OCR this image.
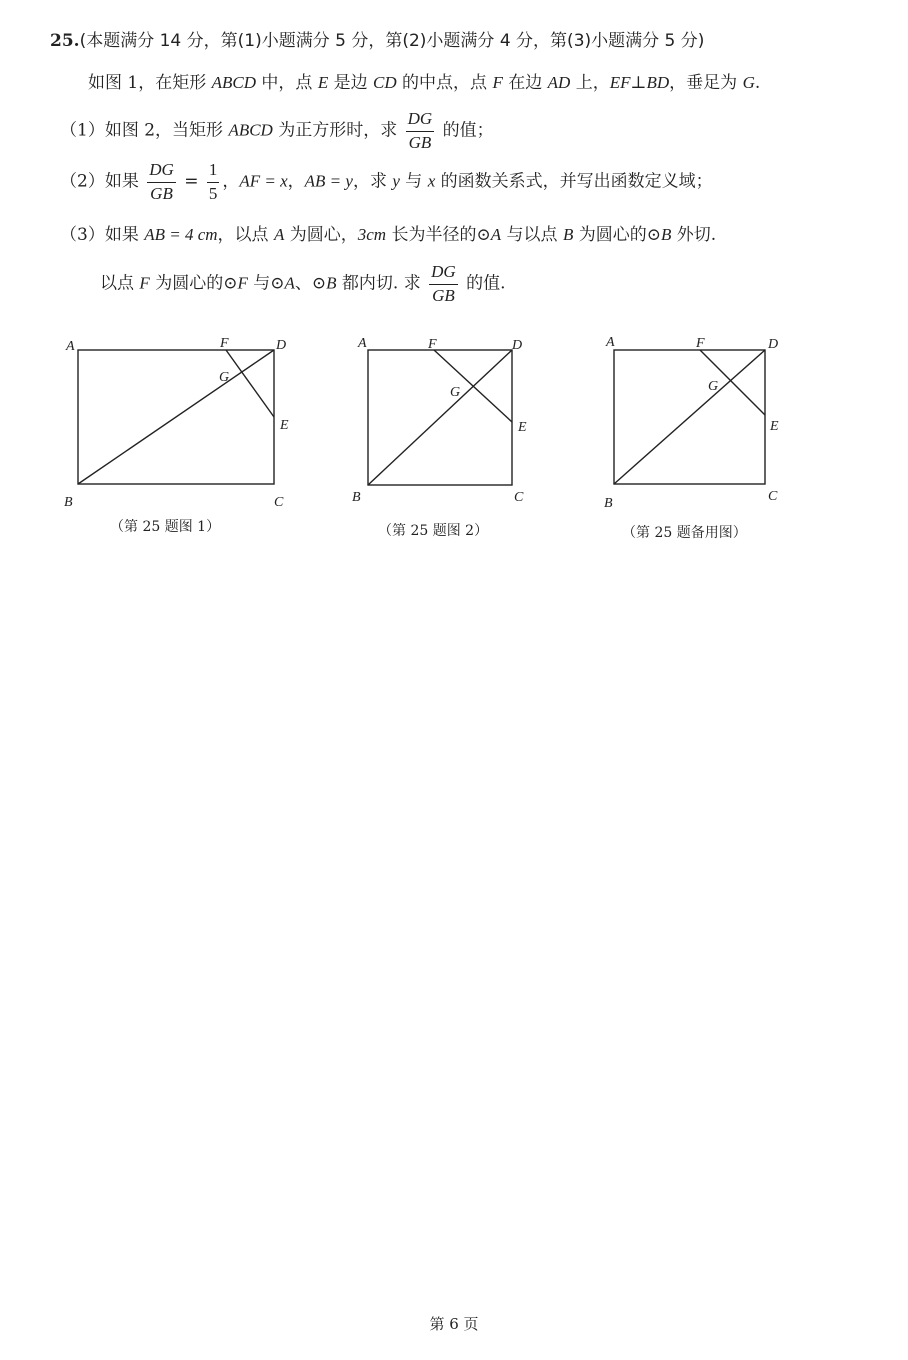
25.(本题满分 14 分，第(1)小题满分 5 分，第(2)小题满分 4 分，第(3)小题满分 5 分)
如图 1，在矩形 ABCD 中，点 E 是边 CD 的中点，点 F 在边 AD 上，EF⊥BD，垂足为 G.
（1）如图 2，当矩形 ABCD 为正方形时，求 $\frac{DG}{GB}$ 的值；
（2）如果 $\frac{DG}{GB} = \frac{1}{5}$ ，AF = x，AB = y，求 y 与 x 的函数关系式，并写出函数定义域；
（3）如果 AB = 4 cm，以点 A 为圆心，3cm 长为半径的⊙A 与以点 B 为圆心的⊙B 外切.
以点 F 为圆心的⊙F 与⊙A、⊙B 都内切. 求 $\frac{DG}{GB}$ 的值.
A	F	D
G
E
B	C
A	F	D
G
E
B	C
A	F	D
G
E
B	C
（第 25 题图 1）	（第 25 题图 2）	（第 25 题备用图）
第 6 页
